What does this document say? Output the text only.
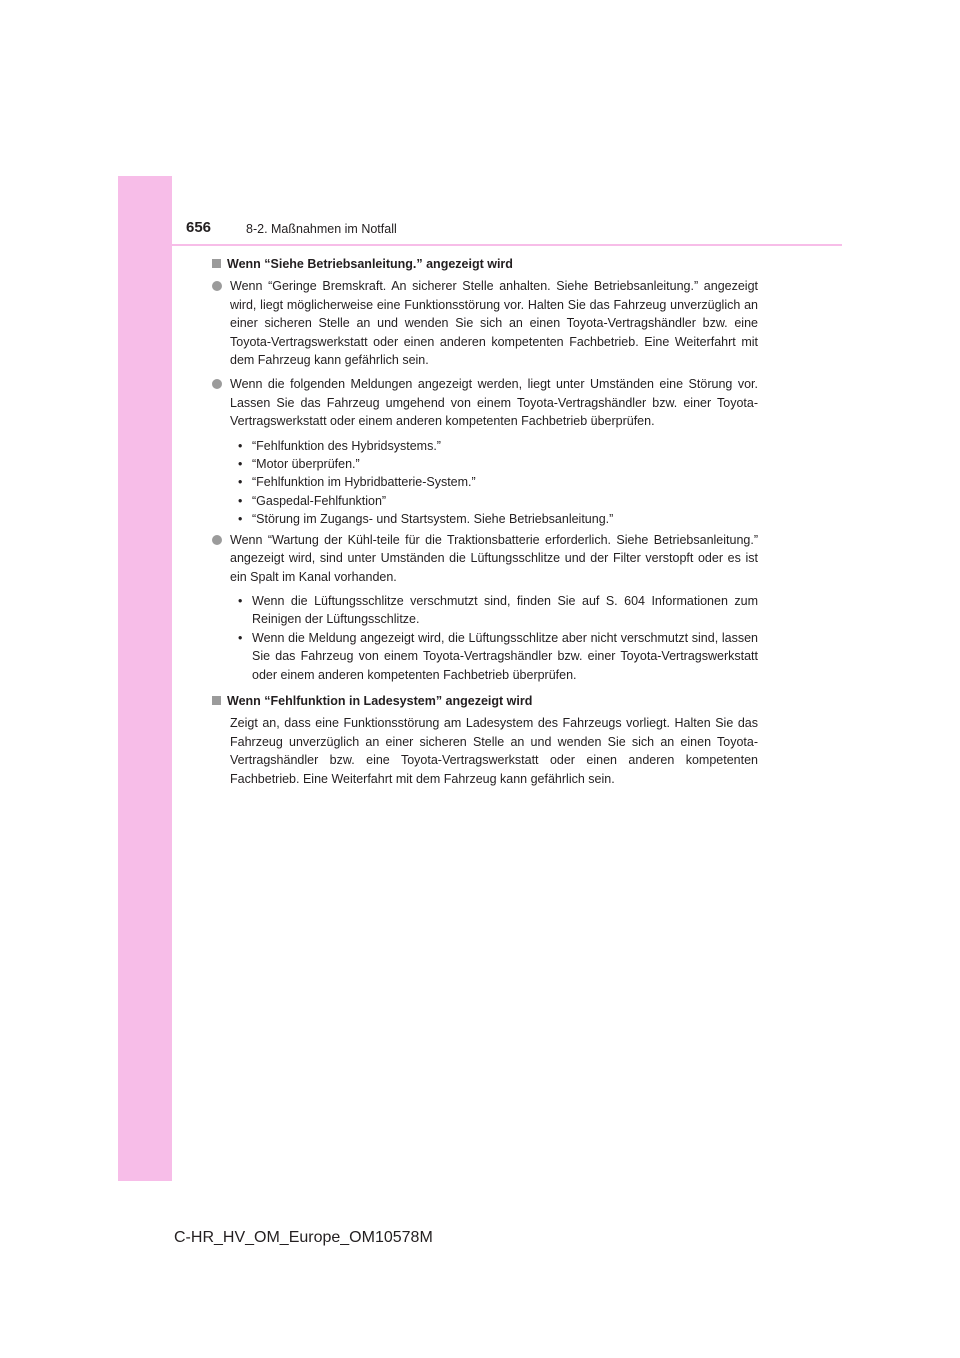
656	8-2. Maßnahmen im Notfall
Wenn “Siehe Betriebsanleitung.” angezeigt wird
Wenn “Geringe Bremskraft. An sicherer Stelle anhalten. Siehe Betriebsanleitung.” angezeigt wird, liegt möglicherweise eine Funktionsstörung vor. Halten Sie das Fahrzeug unverzüglich an einer sicheren Stelle an und wenden Sie sich an einen Toyota-Vertragshändler bzw. eine Toyota-Vertragswerkstatt oder einen anderen kompetenten Fachbetrieb. Eine Weiterfahrt mit dem Fahrzeug kann gefährlich sein.
Wenn die folgenden Meldungen angezeigt werden, liegt unter Umständen eine Störung vor. Lassen Sie das Fahrzeug umgehend von einem Toyota-Vertragshändler bzw. einer Toyota-Vertragswerkstatt oder einem anderen kompetenten Fachbetrieb überprüfen.
• “Fehlfunktion des Hybridsystems.”
• “Motor überprüfen.”
• “Fehlfunktion im Hybridbatterie-System.”
• “Gaspedal-Fehlfunktion”
• “Störung im Zugangs- und Startsystem. Siehe Betriebsanleitung.”
Wenn “Wartung der Kühl-teile für die Traktionsbatterie erforderlich. Siehe Betriebsanleitung.” angezeigt wird, sind unter Umständen die Lüftungsschlitze und der Filter verstopft oder es ist ein Spalt im Kanal vorhanden.
• Wenn die Lüftungsschlitze verschmutzt sind, finden Sie auf S. 604 Informationen zum Reinigen der Lüftungsschlitze.
• Wenn die Meldung angezeigt wird, die Lüftungsschlitze aber nicht verschmutzt sind, lassen Sie das Fahrzeug von einem Toyota-Vertragshändler bzw. einer Toyota-Vertragswerkstatt oder einem anderen kompetenten Fachbetrieb überprüfen.
Wenn “Fehlfunktion in Ladesystem” angezeigt wird
Zeigt an, dass eine Funktionsstörung am Ladesystem des Fahrzeugs vorliegt. Halten Sie das Fahrzeug unverzüglich an einer sicheren Stelle an und wenden Sie sich an einen Toyota-Vertragshändler bzw. eine Toyota-Vertragswerkstatt oder einen anderen kompetenten Fachbetrieb. Eine Weiterfahrt mit dem Fahrzeug kann gefährlich sein.
C-HR_HV_OM_Europe_OM10578M
